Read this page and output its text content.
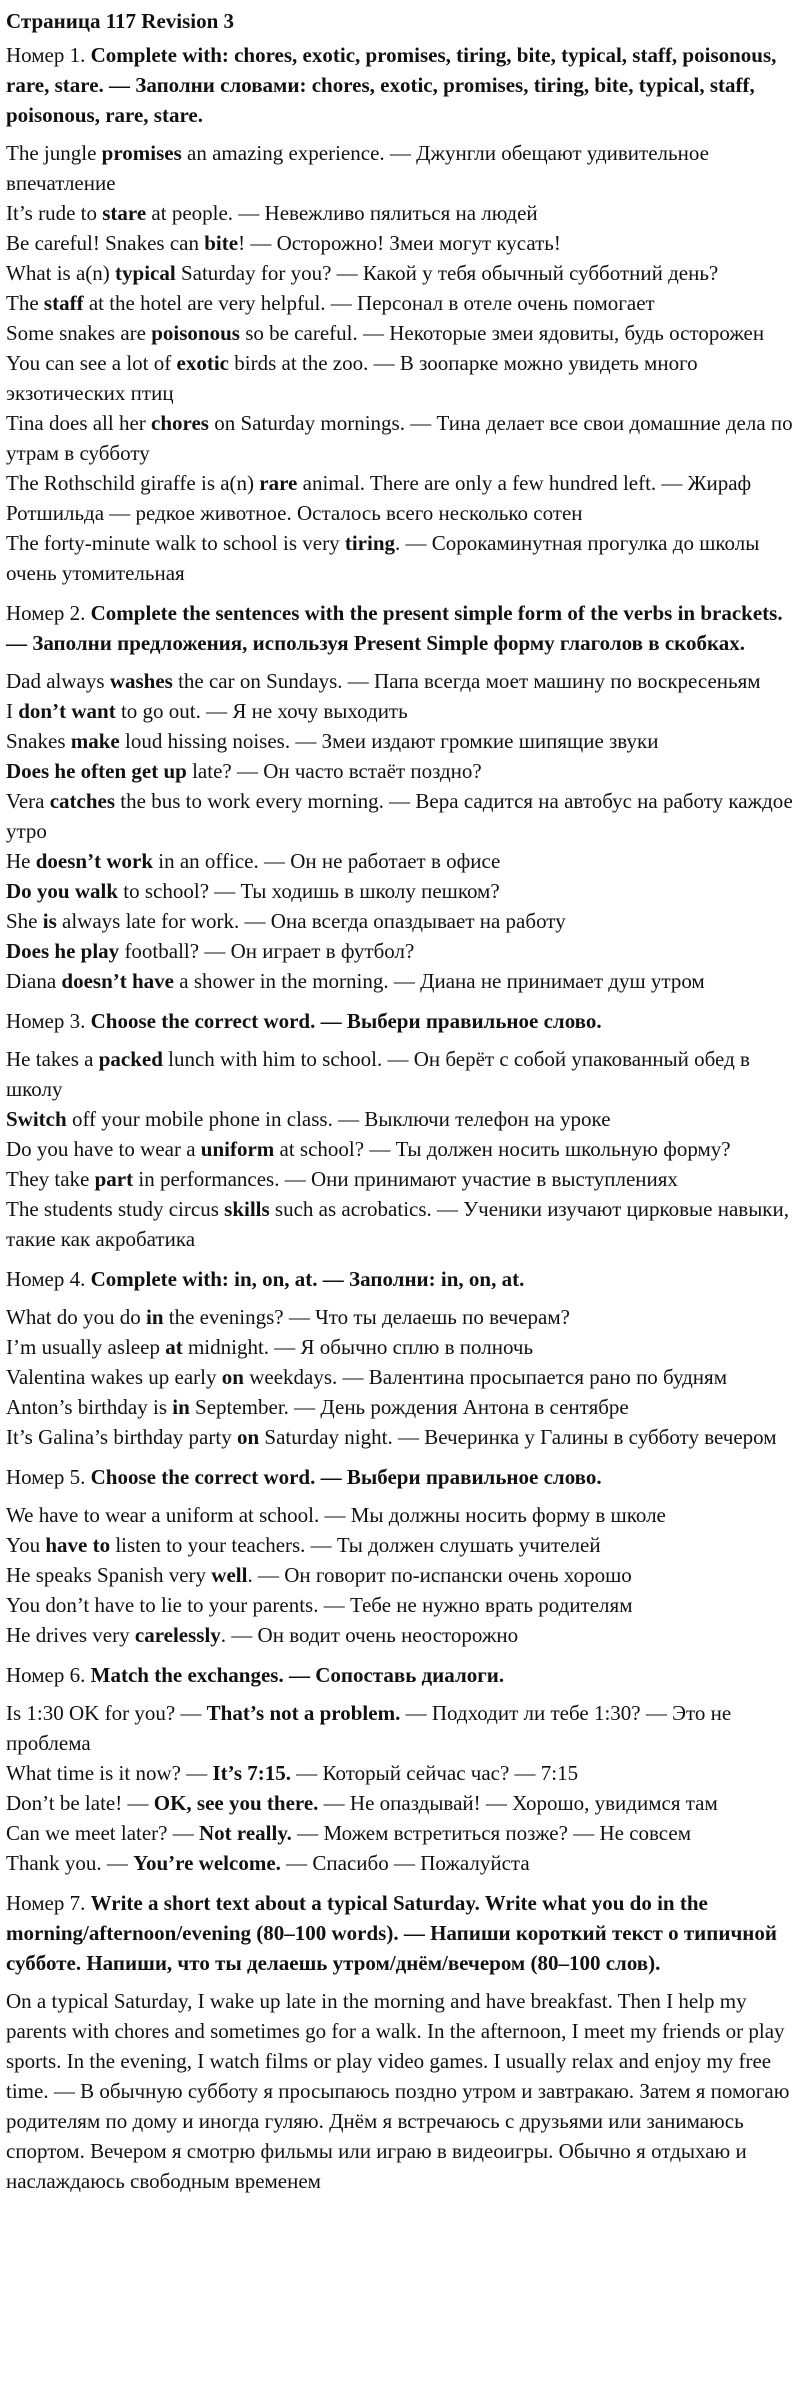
Страница 117 Revision 3
Номер 1. Complete with: chores, exotic, promises, tiring, bite, typical, staff, poisonous, rare, stare. — Заполни словами: chores, exotic, promises, tiring, bite, typical, staff, poisonous, rare, stare.
The jungle promises an amazing experience. — Джунгли обещают удивительное впечатление
It’s rude to stare at people. — Невежливо пялиться на людей
Be careful! Snakes can bite! — Осторожно! Змеи могут кусать!
What is a(n) typical Saturday for you? — Какой у тебя обычный субботний день?
The staff at the hotel are very helpful. — Персонал в отеле очень помогает
Some snakes are poisonous so be careful. — Некоторые змеи ядовиты, будь осторожен
You can see a lot of exotic birds at the zoo. — В зоопарке можно увидеть много экзотических птиц
Tina does all her chores on Saturday mornings. — Тина делает все свои домашние дела по утрам в субботу
The Rothschild giraffe is a(n) rare animal. There are only a few hundred left. — Жираф Ротшильда — редкое животное. Осталось всего несколько сотен
The forty-minute walk to school is very tiring. — Сорокаминутная прогулка до школы очень утомительная
Номер 2. Complete the sentences with the present simple form of the verbs in brackets. — Заполни предложения, используя Present Simple форму глаголов в скобках.
Dad always washes the car on Sundays. — Папа всегда моет машину по воскресеньям
I don’t want to go out. — Я не хочу выходить
Snakes make loud hissing noises. — Змеи издают громкие шипящие звуки
Does he often get up late? — Он часто встаёт поздно?
Vera catches the bus to work every morning. — Вера садится на автобус на работу каждое утро
He doesn’t work in an office. — Он не работает в офисе
Do you walk to school? — Ты ходишь в школу пешком?
She is always late for work. — Она всегда опаздывает на работу
Does he play football? — Он играет в футбол?
Diana doesn’t have a shower in the morning. — Диана не принимает душ утром
Номер 3. Choose the correct word. — Выбери правильное слово.
He takes a packed lunch with him to school. — Он берёт с собой упакованный обед в школу
Switch off your mobile phone in class. — Выключи телефон на уроке
Do you have to wear a uniform at school? — Ты должен носить школьную форму?
They take part in performances. — Они принимают участие в выступлениях
The students study circus skills such as acrobatics. — Ученики изучают цирковые навыки, такие как акробатика
Номер 4. Complete with: in, on, at. — Заполни: in, on, at.
What do you do in the evenings? — Что ты делаешь по вечерам?
I’m usually asleep at midnight. — Я обычно сплю в полночь
Valentina wakes up early on weekdays. — Валентина просыпается рано по будням
Anton’s birthday is in September. — День рождения Антона в сентябре
It’s Galina’s birthday party on Saturday night. — Вечеринка у Галины в субботу вечером
Номер 5. Choose the correct word. — Выбери правильное слово.
We have to wear a uniform at school. — Мы должны носить форму в школе
You have to listen to your teachers. — Ты должен слушать учителей
He speaks Spanish very well. — Он говорит по-испански очень хорошо
You don’t have to lie to your parents. — Тебе не нужно врать родителям
He drives very carelessly. — Он водит очень неосторожно
Номер 6. Match the exchanges. — Сопоставь диалоги.
Is 1:30 OK for you? — That’s not a problem. — Подходит ли тебе 1:30? — Это не проблема
What time is it now? — It’s 7:15. — Который сейчас час? — 7:15
Don’t be late! — OK, see you there. — Не опаздывай! — Хорошо, увидимся там
Can we meet later? — Not really. — Можем встретиться позже? — Не совсем
Thank you. — You’re welcome. — Спасибо — Пожалуйста
Номер 7. Write a short text about a typical Saturday. Write what you do in the morning/afternoon/evening (80–100 words). — Напиши короткий текст о типичной субботе. Напиши, что ты делаешь утром/днём/вечером (80–100 слов).
On a typical Saturday, I wake up late in the morning and have breakfast. Then I help my parents with chores and sometimes go for a walk. In the afternoon, I meet my friends or play sports. In the evening, I watch films or play video games. I usually relax and enjoy my free time. — В обычную субботу я просыпаюсь поздно утром и завтракаю. Затем я помогаю родителям по дому и иногда гуляю. Днём я встречаюсь с друзьями или занимаюсь спортом. Вечером я смотрю фильмы или играю в видеоигры. Обычно я отдыхаю и наслаждаюсь свободным временем
